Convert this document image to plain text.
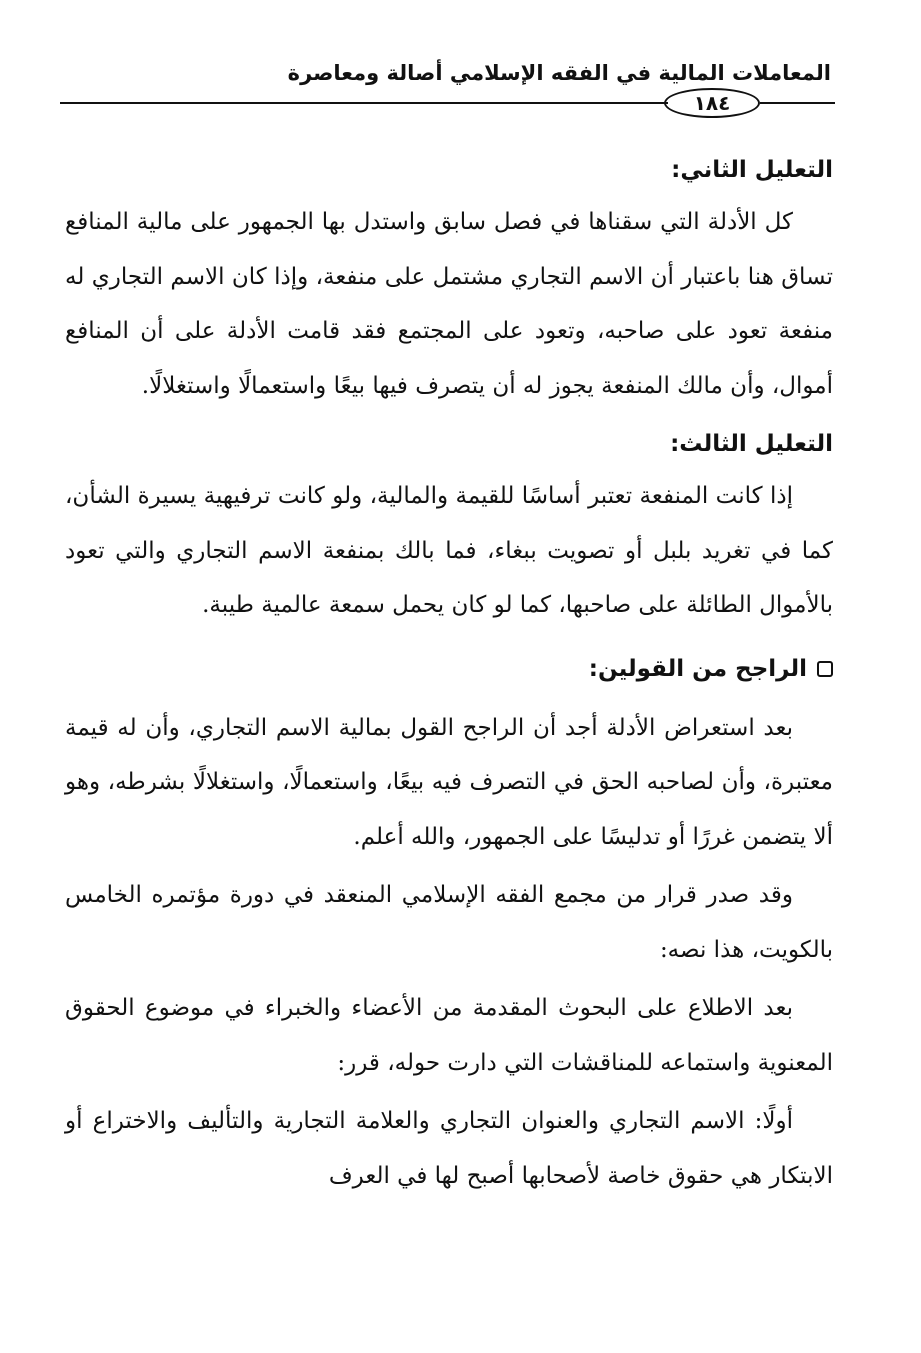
المعاملات المالية في الفقه الإسلامي أصالة ومعاصرة
١٨٤

التعليل الثاني:

كل الأدلة التي سقناها في فصل سابق واستدل بها الجمهور على مالية المنافع تساق هنا باعتبار أن الاسم التجاري مشتمل على منفعة، وإذا كان الاسم التجاري له منفعة تعود على صاحبه، وتعود على المجتمع فقد قامت الأدلة على أن المنافع أموال، وأن مالك المنفعة يجوز له أن يتصرف فيها بيعًا واستعمالًا واستغلالًا.

التعليل الثالث:

إذا كانت المنفعة تعتبر أساسًا للقيمة والمالية، ولو كانت ترفيهية يسيرة الشأن، كما في تغريد بلبل أو تصويت ببغاء، فما بالك بمنفعة الاسم التجاري والتي تعود بالأموال الطائلة على صاحبها، كما لو كان يحمل سمعة عالمية طيبة.

الراجح من القولين:

بعد استعراض الأدلة أجد أن الراجح القول بمالية الاسم التجاري، وأن له قيمة معتبرة، وأن لصاحبه الحق في التصرف فيه بيعًا، واستعمالًا، واستغلالًا بشرطه، وهو ألا يتضمن غررًا أو تدليسًا على الجمهور، والله أعلم.

وقد صدر قرار من مجمع الفقه الإسلامي المنعقد في دورة مؤتمره الخامس بالكويت، هذا نصه:

بعد الاطلاع على البحوث المقدمة من الأعضاء والخبراء في موضوع الحقوق المعنوية واستماعه للمناقشات التي دارت حوله، قرر:

أولًا: الاسم التجاري والعنوان التجاري والعلامة التجارية والتأليف والاختراع أو الابتكار هي حقوق خاصة لأصحابها أصبح لها في العرف
